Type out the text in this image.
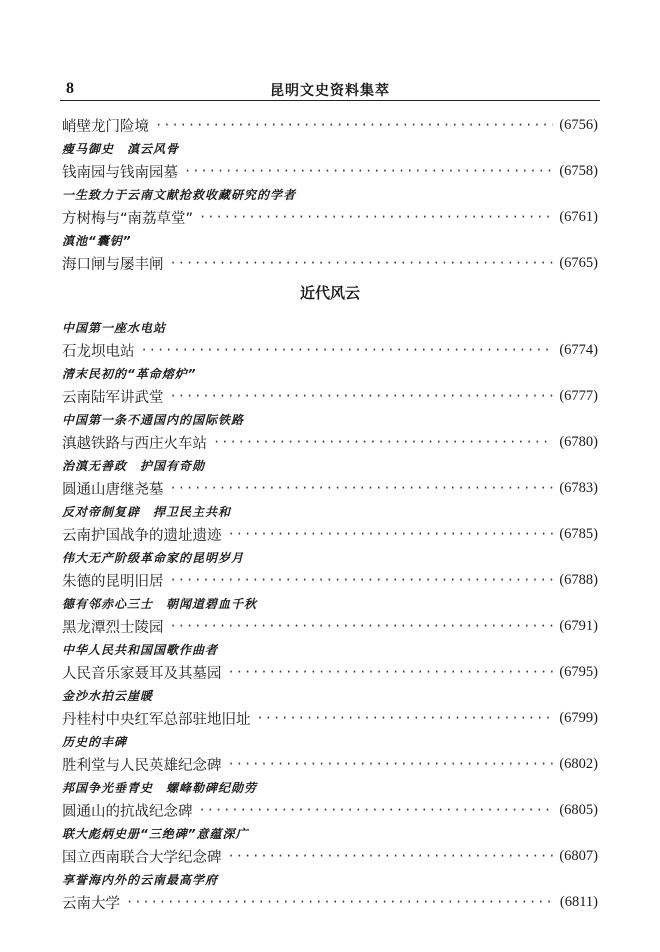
8	昆明文史资料集萃
峭壁龙门险境 ·····	(6756)
瘦马御史　滇云风骨
钱南园与钱南园墓 ·····	(6758)
一生致力于云南文献抢救收藏研究的学者
方树梅与“南荔草堂” ·····	(6761)
滇池“囊钥”
海口闸与屡丰闸 ·····	(6765)
近代风云
中国第一座水电站
石龙坝电站 ·····	(6774)
清末民初的“革命熔炉”
云南陆军讲武堂 ·····	(6777)
中国第一条不通国内的国际铁路
滇越铁路与西庄火车站 ·····	(6780)
治滇无善政　护国有奇勋
圆通山唐继尧墓 ·····	(6783)
反对帝制复辟　捍卫民主共和
云南护国战争的遗址遗迹 ·····	(6785)
伟大无产阶级革命家的昆明岁月
朱德的昆明旧居 ·····	(6788)
德有邻赤心三士　朝闻道碧血千秋
黑龙潭烈士陵园 ·····	(6791)
中华人民共和国国歌作曲者
人民音乐家聂耳及其墓园 ·····	(6795)
金沙水拍云崖暖
丹桂村中央红军总部驻地旧址 ·····	(6799)
历史的丰碑
胜利堂与人民英雄纪念碑 ·····	(6802)
邦国争光垂青史　螺峰勒碑纪勋劳
圆通山的抗战纪念碑 ·····	(6805)
联大彪炳史册“三绝碑”意蕴深广
国立西南联合大学纪念碑 ·····	(6807)
享誉海内外的云南最高学府
云南大学 ·····	(6811)
